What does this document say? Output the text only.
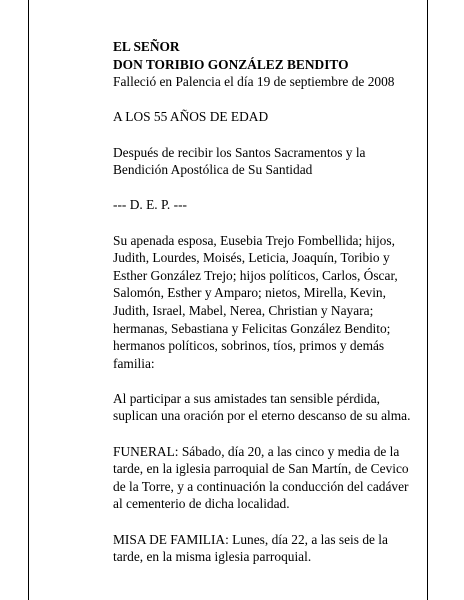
EL SEÑOR
DON TORIBIO GONZÁLEZ BENDITO
Falleció en Palencia el día 19 de septiembre de 2008
A LOS 55 AÑOS DE EDAD
Después de recibir los Santos Sacramentos y la
Bendición Apostólica de Su Santidad
--- D. E. P. ---
Su apenada esposa, Eusebia Trejo Fombellida; hijos,
Judith, Lourdes, Moisés, Leticia, Joaquín, Toribio y
Esther González Trejo; hijos políticos, Carlos, Óscar,
Salomón, Esther y Amparo; nietos, Mirella, Kevin,
Judith, Israel, Mabel, Nerea, Christian y Nayara;
hermanas, Sebastiana y Felicitas González Bendito;
hermanos políticos, sobrinos, tíos, primos y demás
familia:
Al participar a sus amistades tan sensible pérdida,
suplican una oración por el eterno descanso de su alma.
FUNERAL: Sábado, día 20, a las cinco y media de la
tarde, en la iglesia parroquial de San Martín, de Cevico
de la Torre, y a continuación la conducción del cadáver
al cementerio de dicha localidad.
MISA DE FAMILIA: Lunes, día 22, a las seis de la
tarde, en la misma iglesia parroquial.
